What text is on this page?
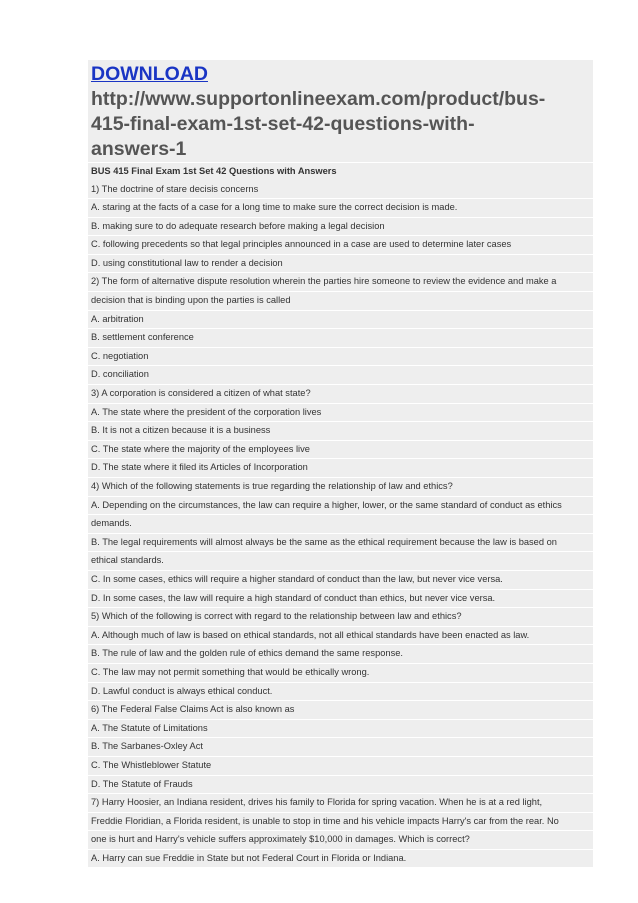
DOWNLOAD
http://www.supportonlineexam.com/product/bus-
415-final-exam-1st-set-42-questions-with-
answers-1
BUS 415 Final Exam 1st Set 42 Questions with Answers
1) The doctrine of stare decisis concerns
A. staring at the facts of a case for a long time to make sure the correct decision is made.
B. making sure to do adequate research before making a legal decision
C. following precedents so that legal principles announced in a case are used to determine later cases
D. using constitutional law to render a decision
2) The form of alternative dispute resolution wherein the parties hire someone to review the evidence and make a
decision that is binding upon the parties is called
A. arbitration
B. settlement conference
C. negotiation
D. conciliation
3) A corporation is considered a citizen of what state?
A. The state where the president of the corporation lives
B. It is not a citizen because it is a business
C. The state where the majority of the employees live
D. The state where it filed its Articles of Incorporation
4) Which of the following statements is true regarding the relationship of law and ethics?
A. Depending on the circumstances, the law can require a higher, lower, or the same standard of conduct as ethics
demands.
B. The legal requirements will almost always be the same as the ethical requirement because the law is based on
ethical standards.
C. In some cases, ethics will require a higher standard of conduct than the law, but never vice versa.
D. In some cases, the law will require a high standard of conduct than ethics, but never vice versa.
5) Which of the following is correct with regard to the relationship between law and ethics?
A. Although much of law is based on ethical standards, not all ethical standards have been enacted as law.
B. The rule of law and the golden rule of ethics demand the same response.
C. The law may not permit something that would be ethically wrong.
D. Lawful conduct is always ethical conduct.
6) The Federal False Claims Act is also known as
A. The Statute of Limitations
B. The Sarbanes-Oxley Act
C. The Whistleblower Statute
D. The Statute of Frauds
7) Harry Hoosier, an Indiana resident, drives his family to Florida for spring vacation. When he is at a red light,
Freddie Floridian, a Florida resident, is unable to stop in time and his vehicle impacts Harry's car from the rear. No
one is hurt and Harry's vehicle suffers approximately $10,000 in damages. Which is correct?
A. Harry can sue Freddie in State but not Federal Court in Florida or Indiana.
